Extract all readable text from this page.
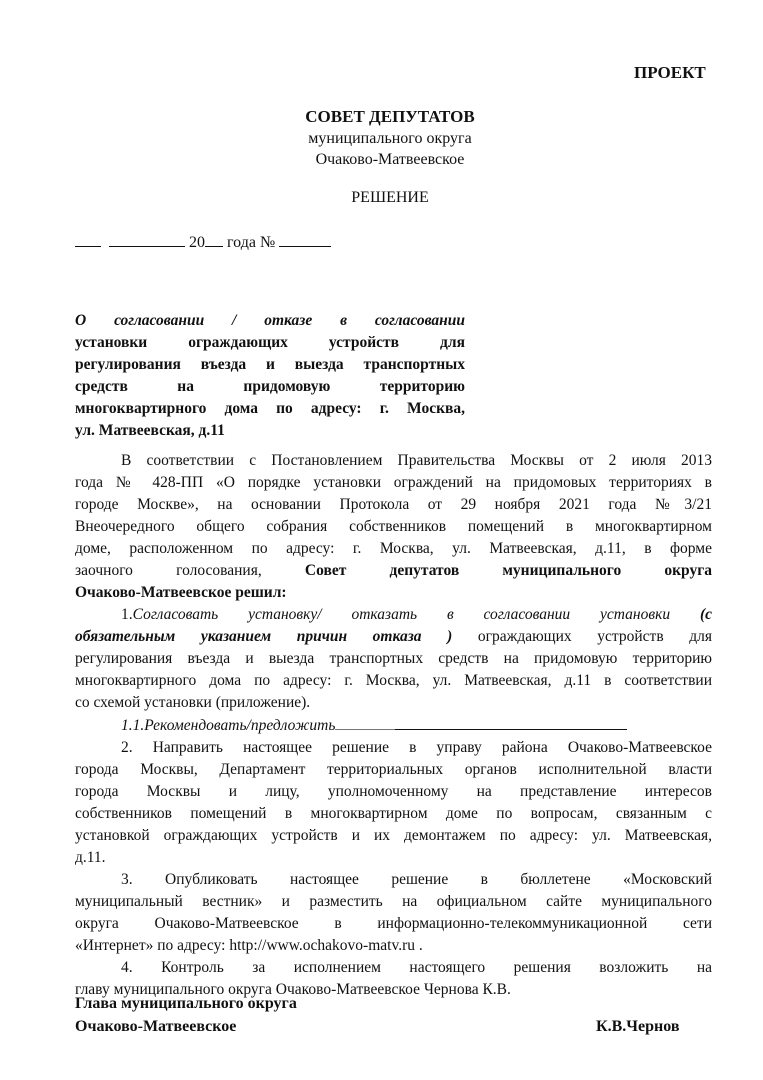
ПРОЕКТ
СОВЕТ ДЕПУТАТОВ
муниципального округа
Очаково-Матвеевское
РЕШЕНИЕ
20 года №
О согласовании / отказе в согласовании
установки ограждающих устройств для
регулирования въезда и выезда транспортных
средств на придомовую территорию
многоквартирного дома по адресу: г. Москва,
ул. Матвеевская, д.11
В соответствии с Постановлением Правительства Москвы от 2 июля 2013
года № 428-ПП «О порядке установки ограждений на придомовых территориях в
городе Москве», на основании Протокола от 29 ноября 2021 года №3/21
Внеочередного общего собрания собственников помещений в многоквартирном
доме, расположенном по адресу: г. Москва, ул. Матвеевская, д.11, в форме
заочного голосования,	Совет депутатов муниципального округа
Очаково-Матвеевское решил:
1.Согласовать установку/ отказать в согласовании установки (с
обязательным указанием причин отказа ) ограждающих устройств для
регулирования въезда и выезда транспортных средств на придомовую территорию
многоквартирного дома по адресу: г. Москва, ул. Матвеевская, д.11 в соответствии
со схемой установки (приложение).
1.1.Рекомендовать/предложить
2. Направить настоящее решение в управу района Очаково-Матвеевское
города Москвы, Департамент территориальных органов исполнительной власти
города Москвы и лицу, уполномоченному на представление интересов
собственников помещений в многоквартирном доме по вопросам, связанным с
установкой ограждающих устройств и их демонтажем по адресу: ул. Матвеевская,
д.11.
3. Опубликовать настоящее решение в бюллетене «Московский
муниципальный вестник» и разместить на официальном сайте муниципального
округа Очаково-Матвеевское в информационно-телекоммуникационной сети
«Интернет» по адресу: http://www.ochakovo-matv.ru .
4. Контроль за исполнением настоящего решения возложить на
главу муниципального округа Очаково-Матвеевское Чернова К.В.
Глава муниципального округа
Очаково-Матвеевское	К.В.Чернов
